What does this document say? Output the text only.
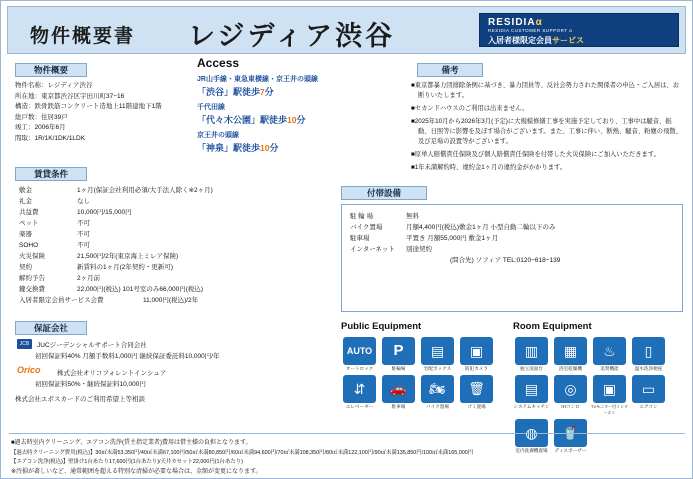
物件概要書 レジディア渋谷	RESIDIAα
RESIDIA CUSTOMER SUPPORT α
入居者様限定会員サービス
物件概要
物件名称：レジディア渋谷
所在地：東京都渋谷区宇田川町37−16
構造：鉄骨鉄筋コンクリート造地上11階建地下1階
総戸数：住居39戸
竣工：2006年6月
間取：1R/1K/1DK/1LDK
Access
JR山手線・東急東横線・京王井の頭線
「渋谷」駅徒歩7分
千代田線
「代々木公園」駅徒歩10分
京王井の頭線
「神泉」駅徒歩10分
備考

■東京都暴力団排除条例に基づき、暴力団員等、反社会勢力された関係者の申込・ご入居は、お断りいたします。

■セカンドハウスのご利用は出来ません。

■2025年10月から2026年3月(予定)に大規模修繕工事を実施予定しており、工事中は騒音、振動、日照等に影響を及ぼす場合がございます。また、工事に伴い、断熱、騒音、粉塵の飛散、及び足場の設置等がございます。

■原単人賠償責任保険及び個人賠償責任保険を付帯した火災保険にご加入いただきます。

■1年未満解約時、違約金1ヶ月の違約金がかかります。

賃貸条件
敷金	1ヶ月(保証会社利用必須/大手法人除く※2ヶ月)
礼金	なし
共益費	10,000円/15,000円
ペット	不可
楽器	不可
SOHO	不可
火災保険	21,500円/2年(東京海上ミレア保険)
契約	新賃料の1ヶ月(2年契約・更新可)
解約予告	2ヶ月前
鍵交換費	22,000円(税込) 101号室のみ66,000円(税込)
入居者限定会員サービス会費	11,000円(税込)/2年
付帯設備
駐 輪 場	無料
バイク置場	月額4,400円(税込)敷金1ヶ月 小型自動二輪以下のみ
駐車場	平置き 月額55,000円 敷金1ヶ月
インターネット	別途契約
(問合先) ソフィア TEL:0120−618−139
保証会社
JCB	JUCジーデンシャルサポート合同会社
初回保証料40% 月額手数料1,000円 継続保証委託料10,000円/年
Orico	株式会社オリコフォレントインシュア
初回保証料50%・継続保証料10,000円
株式会社エポスカードのご利用希望上等相談
Public Equipment
AUTO
オートロック
P
駐輪場
▤
宅配ボックス
▣
防犯カメラ
⇵
エレベーター
🚗
駐車場
🏍
バイク置場
🗑
ゴミ置場
Room Equipment
▥
独立洗面台
▦
浴室乾燥機
♨
追焚機能
▯
温水洗浄便座
▤
システムキッチン
◎
IHコンロ
▣
TVモニター付インターホン
▭
エアコン
◍
室内洗濯機置場
🥤
ディスポーザー
■過去時室内クリーニング、エアコン洗浄(賃主指定業者)費用は借主様の負担となります。
【過去時クリーニング費用(税込)】30㎡未満53,350円/40㎡未満67,100円/50㎡未満80,850円/60㎡未満94,600円/70㎡未満108,350円/80㎡未満122,100円/90㎡未満135,850円/100㎡未満165,000円
【エアコン洗浄(税込)】壁掛け1台あたり17,600円(1台あたり)/天井カセット22,000円(1台あたり)
※汚損が著しいなど、通常範囲を超える特別な清掃が必要な場合は、金額が変更になります。
